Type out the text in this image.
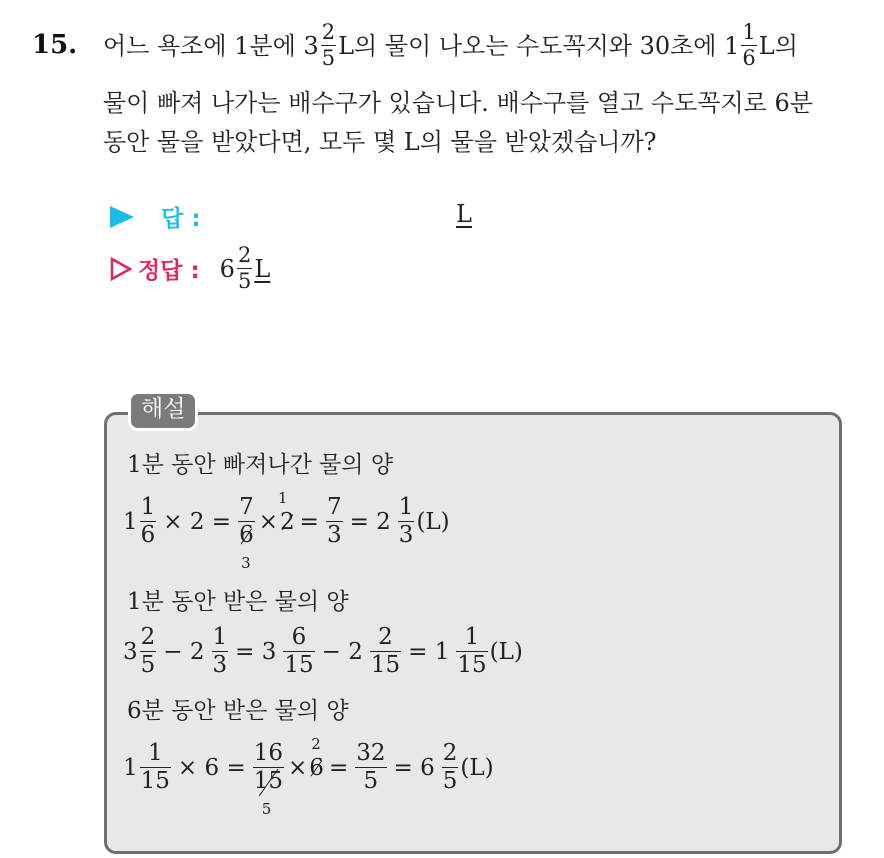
15. 어느 욕조에 1분에 $3 \frac{2}{5}$ L의 물이 나오는 수도꼭지와 30초에 $1 \frac{1}{6}$ L의
물이 빠져 나가는 배수구가 있습니다. 배수구를 열고 수도꼭지로 6분
동안 물을 받았다면, 모두 몇 L의 물을 받았겠습니까?
답 :	L
정답 : $6 \frac{2}{5}$ L
해설
1분 동안 빠져나간 물의 양
$1 \frac{1}{6} \times 2$ =
7
6
3
× 2
1
= $\frac{7}{3} = 2 \frac{1}{3} (L)$
1분 동안 받은 물의 양
$3 \frac{2}{5} - 2 \frac{1}{3} = 3 \frac{6}{15} - 2 \frac{2}{15} = 1 \frac{1}{15} (L)$
6분 동안 받은 물의 양
$1 \frac{1}{15} \times 6$ =
16
15
5
× 6
2
= $\frac{32}{5} = 6 \frac{2}{5} (L)$
